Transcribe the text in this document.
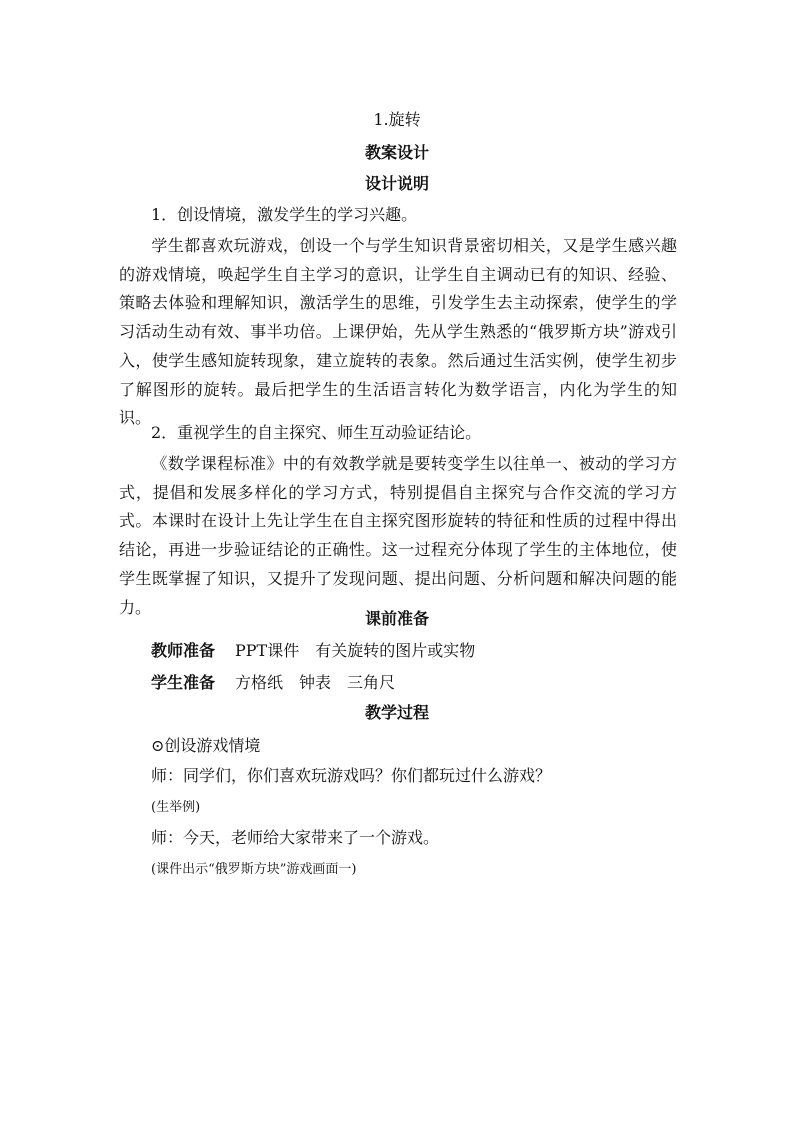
1.旋转
教案设计
设计说明
1．创设情境，激发学生的学习兴趣。
学生都喜欢玩游戏，创设一个与学生知识背景密切相关，又是学生感兴趣的游戏情境，唤起学生自主学习的意识，让学生自主调动已有的知识、经验、策略去体验和理解知识，激活学生的思维，引发学生去主动探索，使学生的学习活动生动有效、事半功倍。上课伊始，先从学生熟悉的“俄罗斯方块”游戏引入，使学生感知旋转现象，建立旋转的表象。然后通过生活实例，使学生初步了解图形的旋转。最后把学生的生活语言转化为数学语言，内化为学生的知识。
2．重视学生的自主探究、师生互动验证结论。
《数学课程标准》中的有效教学就是要转变学生以往单一、被动的学习方式，提倡和发展多样化的学习方式，特别提倡自主探究与合作交流的学习方式。本课时在设计上先让学生在自主探究图形旋转的特征和性质的过程中得出结论，再进一步验证结论的正确性。这一过程充分体现了学生的主体地位，使学生既掌握了知识，又提升了发现问题、提出问题、分析问题和解决问题的能力。
课前准备
教师准备 PPT课件 有关旋转的图片或实物
学生准备 方格纸 钟表 三角尺
教学过程
⊙创设游戏情境
师：同学们，你们喜欢玩游戏吗？你们都玩过什么游戏？
(生举例)
师：今天，老师给大家带来了一个游戏。
(课件出示“俄罗斯方块”游戏画面一)
